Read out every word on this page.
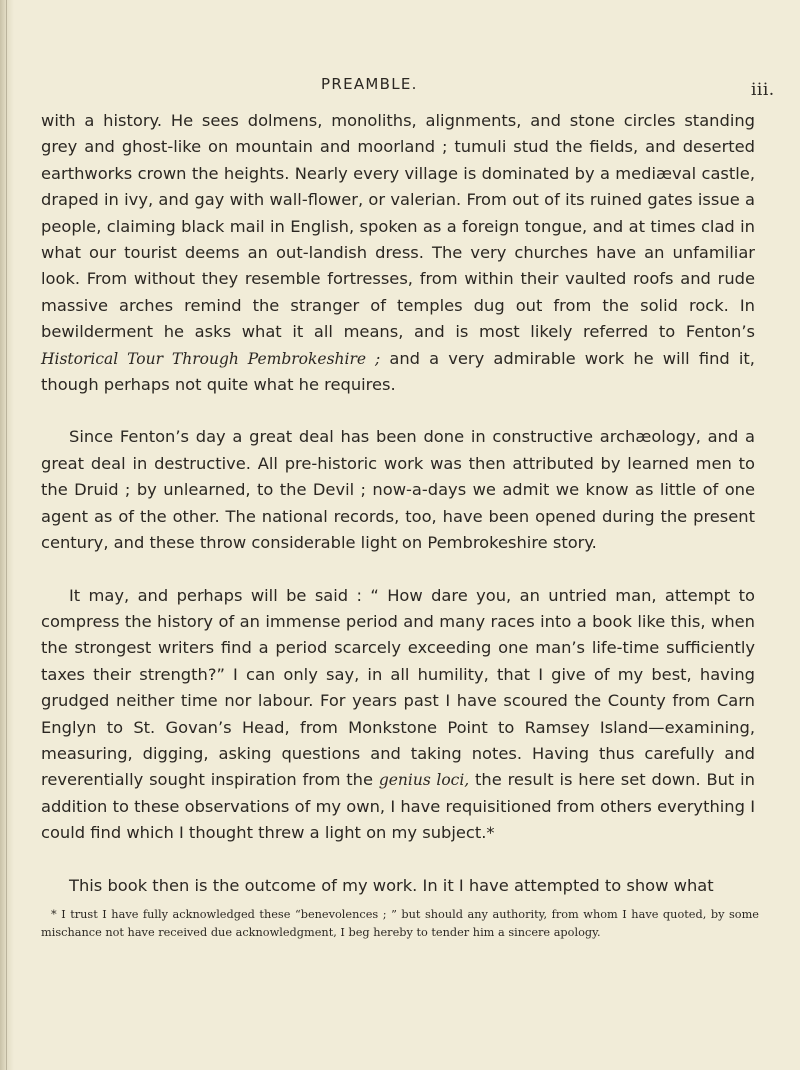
PREAMBLE.	iii.

with a history. He sees dolmens, monoliths, alignments, and stone circles standing grey and ghost-like on mountain and moorland ; tumuli stud the fields, and deserted earthworks crown the heights. Nearly every village is dominated by a mediæval castle, draped in ivy, and gay with wall-flower, or valerian. From out of its ruined gates issue a people, claiming black mail in English, spoken as a foreign tongue, and at times clad in what our tourist deems an out-landish dress. The very churches have an unfamiliar look. From without they resemble fortresses, from within their vaulted roofs and rude massive arches remind the stranger of temples dug out from the solid rock. In bewilderment he asks what it all means, and is most likely referred to Fenton’s Historical Tour Through Pembrokeshire ; and a very admirable work he will find it, though perhaps not quite what he requires.

Since Fenton’s day a great deal has been done in constructive archæology, and a great deal in destructive. All pre-historic work was then attributed by learned men to the Druid ; by unlearned, to the Devil ; now-a-days we admit we know as little of one agent as of the other. The national records, too, have been opened during the present century, and these throw considerable light on Pembrokeshire story.

It may, and perhaps will be said : “ How dare you, an untried man, attempt to compress the history of an immense period and many races into a book like this, when the strongest writers find a period scarcely exceeding one man’s life-time sufficiently taxes their strength?” I can only say, in all humility, that I give of my best, having grudged neither time nor labour. For years past I have scoured the County from Carn Englyn to St. Govan’s Head, from Monkstone Point to Ramsey Island—examining, measuring, digging, asking questions and taking notes. Having thus carefully and reverentially sought inspiration from the genius loci, the result is here set down. But in addition to these observations of my own, I have requisitioned from others everything I could find which I thought threw a light on my subject.*

This book then is the outcome of my work. In it I have attempted to show what

* I trust I have fully acknowledged these “benevolences ; ” but should any authority, from whom I have quoted, by some mischance not have received due acknowledgment, I beg hereby to tender him a sincere apology.
